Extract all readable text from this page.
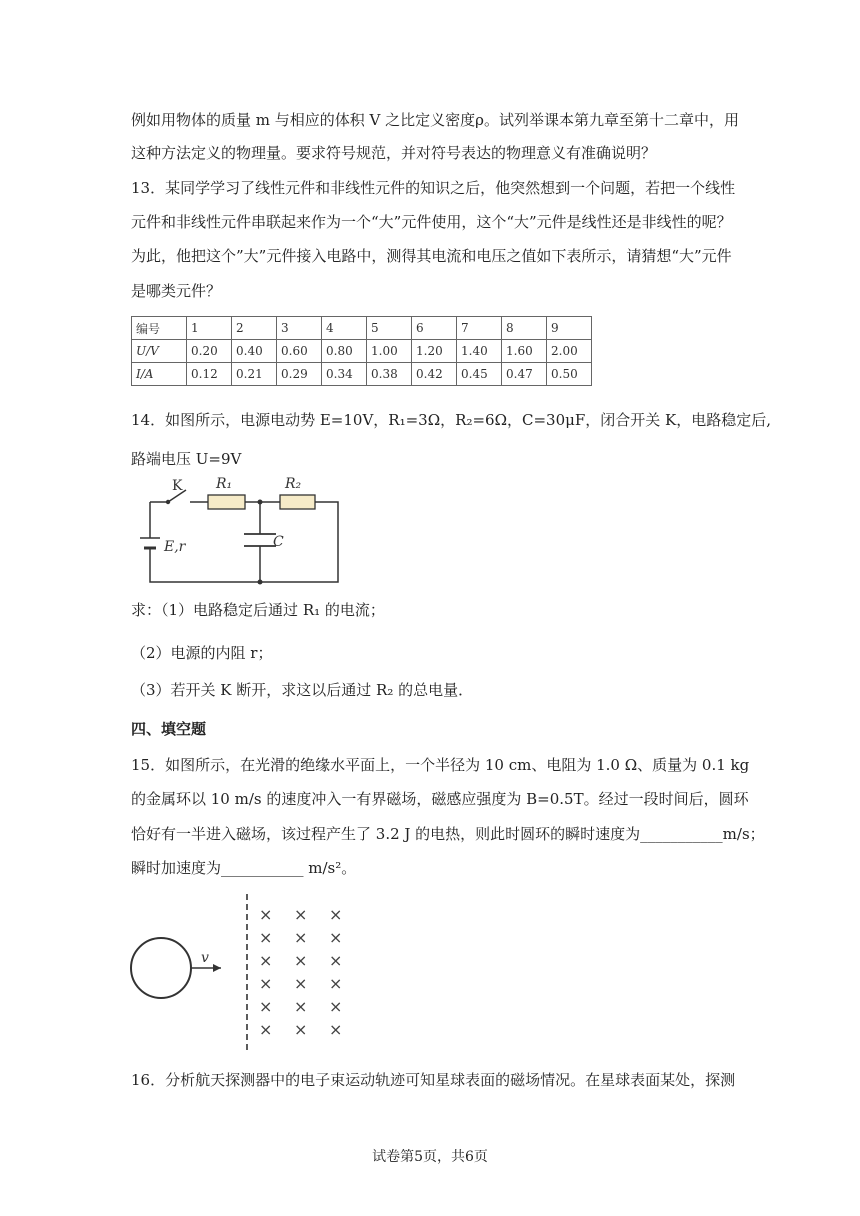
例如用物体的质量 m 与相应的体积 V 之比定义密度ρ。试列举课本第九章至第十二章中，用
这种方法定义的物理量。要求符号规范，并对符号表达的物理意义有准确说明？
13．某同学学习了线性元件和非线性元件的知识之后，他突然想到一个问题，若把一个线性
元件和非线性元件串联起来作为一个“大”元件使用，这个“大”元件是线性还是非线性的呢？
为此，他把这个”大”元件接入电路中，测得其电流和电压之值如下表所示，请猜想“大”元件
是哪类元件？
编号	1	2	3	4	5	6	7	8	9
U/V	0.20	0.40	0.60	0.80	1.00	1.20	1.40	1.60	2.00
I/A	0.12	0.21	0.29	0.34	0.38	0.42	0.45	0.47	0.50
14．如图所示，电源电动势 E=10V，R₁=3Ω，R₂=6Ω，C=30μF，闭合开关 K，电路稳定后,
路端电压 U=9V
K R₁	R₂
C
E,r
求：（1）电路稳定后通过 R₁ 的电流；
（2）电源的内阻 r；
（3）若开关 K 断开，求这以后通过 R₂ 的总电量．
四、填空题
15．如图所示，在光滑的绝缘水平面上，一个半径为 10 cm、电阻为 1.0 Ω、质量为 0.1 kg
的金属环以 10 m/s 的速度冲入一有界磁场，磁感应强度为 B=0.5T。经过一段时间后，圆环
恰好有一半进入磁场，该过程产生了 3.2 J 的电热，则此时圆环的瞬时速度为___________m/s；
瞬时加速度为___________ m/s²。
v
× × ×
× × ×
× × ×
× × ×
× × ×
× × ×
16．分析航天探测器中的电子束运动轨迹可知星球表面的磁场情况。在星球表面某处，探测
试卷第5页，共6页
